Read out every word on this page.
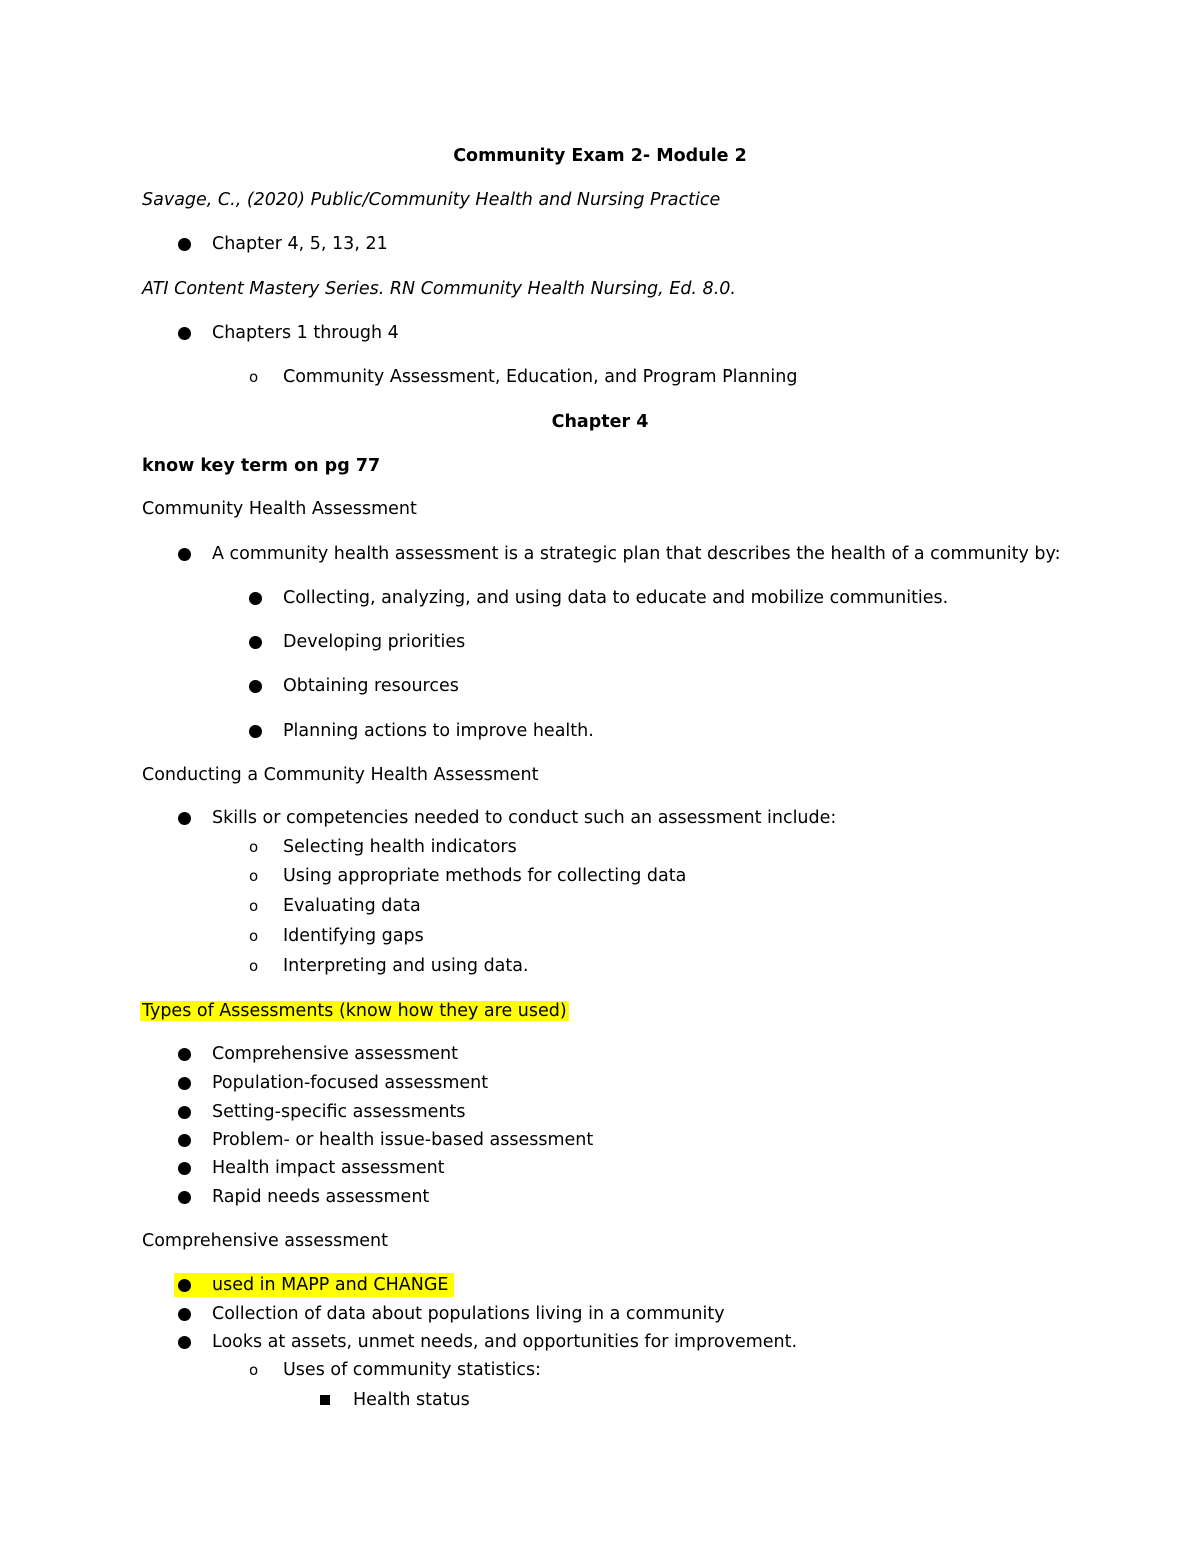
Community Exam 2- Module 2
Savage, C., (2020) Public/Community Health and Nursing Practice
Chapter 4, 5, 13, 21
ATI Content Mastery Series. RN Community Health Nursing, Ed. 8.0.
Chapters 1 through 4
o Community Assessment, Education, and Program Planning
Chapter 4
know key term on pg 77
Community Health Assessment
A community health assessment is a strategic plan that describes the health of a community by:
Collecting, analyzing, and using data to educate and mobilize communities.
Developing priorities
Obtaining resources
Planning actions to improve health.
Conducting a Community Health Assessment
Skills or competencies needed to conduct such an assessment include:
o Selecting health indicators
o Using appropriate methods for collecting data
o Evaluating data
o Identifying gaps
o Interpreting and using data.
Types of Assessments (know how they are used)
Comprehensive assessment
Population-focused assessment
Setting-specific assessments
Problem- or health issue-based assessment
Health impact assessment
Rapid needs assessment
Comprehensive assessment
used in MAPP and CHANGE
Collection of data about populations living in a community
Looks at assets, unmet needs, and opportunities for improvement.
o Uses of community statistics:
Health status
